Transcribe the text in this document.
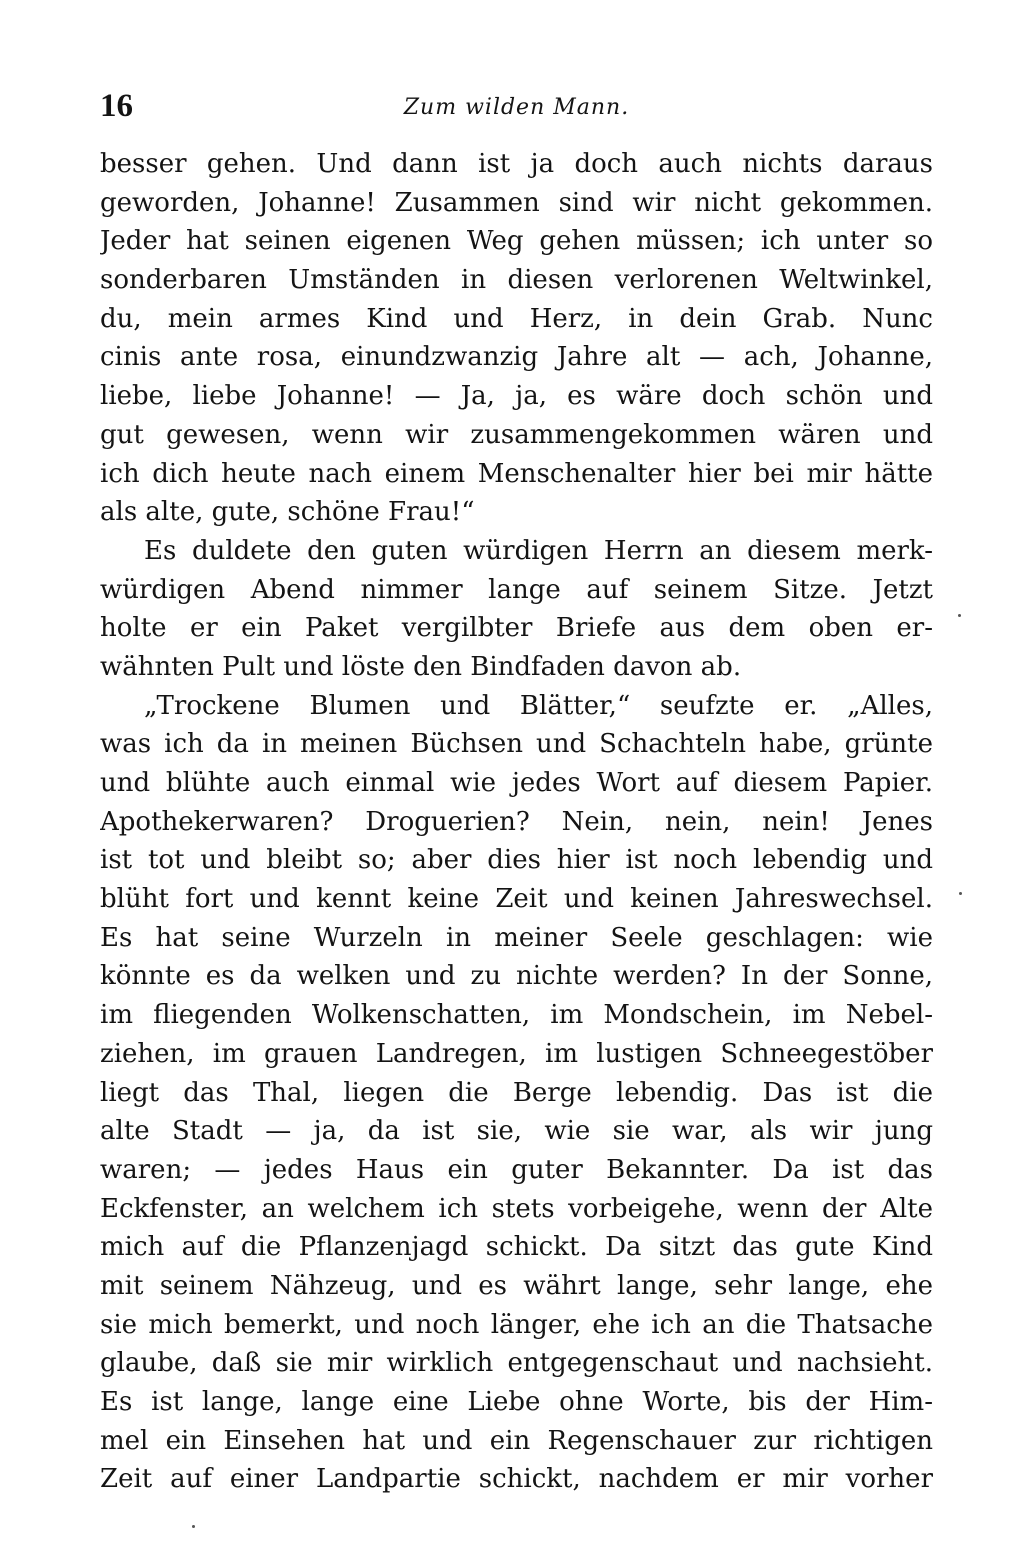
16	Zum wilden Mann.
besser gehen. Und dann ist ja doch auch nichts daraus
geworden, Johanne! Zusammen sind wir nicht gekommen.
Jeder hat seinen eigenen Weg gehen müssen; ich unter so
sonderbaren Umständen in diesen verlorenen Weltwinkel,
du, mein armes Kind und Herz, in dein Grab. Nunc
cinis ante rosa, einundzwanzig Jahre alt — ach, Johanne,
liebe, liebe Johanne! — Ja, ja, es wäre doch schön und
gut gewesen, wenn wir zusammengekommen wären und
ich dich heute nach einem Menschenalter hier bei mir hätte
als alte, gute, schöne Frau!“
Es duldete den guten würdigen Herrn an diesem merk-
würdigen Abend nimmer lange auf seinem Sitze. Jetzt
holte er ein Paket vergilbter Briefe aus dem oben er-
wähnten Pult und löste den Bindfaden davon ab.
„Trockene Blumen und Blätter,“ seufzte er. „Alles,
was ich da in meinen Büchsen und Schachteln habe, grünte
und blühte auch einmal wie jedes Wort auf diesem Papier.
Apothekerwaren? Droguerien? Nein, nein, nein! Jenes
ist tot und bleibt so; aber dies hier ist noch lebendig und
blüht fort und kennt keine Zeit und keinen Jahreswechsel.
Es hat seine Wurzeln in meiner Seele geschlagen: wie
könnte es da welken und zu nichte werden? In der Sonne,
im fliegenden Wolkenschatten, im Mondschein, im Nebel-
ziehen, im grauen Landregen, im lustigen Schneegestöber
liegt das Thal, liegen die Berge lebendig. Das ist die
alte Stadt — ja, da ist sie, wie sie war, als wir jung
waren; — jedes Haus ein guter Bekannter. Da ist das
Eckfenster, an welchem ich stets vorbeigehe, wenn der Alte
mich auf die Pflanzenjagd schickt. Da sitzt das gute Kind
mit seinem Nähzeug, und es währt lange, sehr lange, ehe
sie mich bemerkt, und noch länger, ehe ich an die Thatsache
glaube, daß sie mir wirklich entgegenschaut und nachsieht.
Es ist lange, lange eine Liebe ohne Worte, bis der Him-
mel ein Einsehen hat und ein Regenschauer zur richtigen
Zeit auf einer Landpartie schickt, nachdem er mir vorher
